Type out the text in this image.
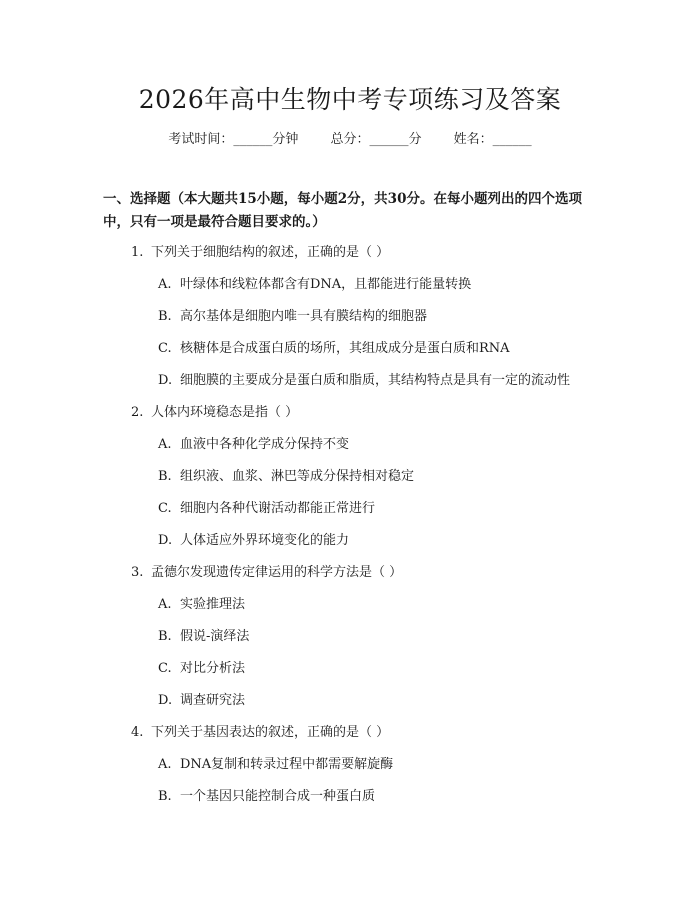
2026年高中生物中考专项练习及答案
考试时间：______分钟 总分：______分 姓名：______
一、选择题（本大题共15小题，每小题2分，共30分。在每小题列出的四个选项中，只有一项是最符合题目要求的。）
1. 下列关于细胞结构的叙述，正确的是（ ）
A. 叶绿体和线粒体都含有DNA，且都能进行能量转换
B. 高尔基体是细胞内唯一具有膜结构的细胞器
C. 核糖体是合成蛋白质的场所，其组成成分是蛋白质和RNA
D. 细胞膜的主要成分是蛋白质和脂质，其结构特点是具有一定的流动性
2. 人体内环境稳态是指（ ）
A. 血液中各种化学成分保持不变
B. 组织液、血浆、淋巴等成分保持相对稳定
C. 细胞内各种代谢活动都能正常进行
D. 人体适应外界环境变化的能力
3. 孟德尔发现遗传定律运用的科学方法是（ ）
A. 实验推理法
B. 假说-演绎法
C. 对比分析法
D. 调查研究法
4. 下列关于基因表达的叙述，正确的是（ ）
A. DNA复制和转录过程中都需要解旋酶
B. 一个基因只能控制合成一种蛋白质
